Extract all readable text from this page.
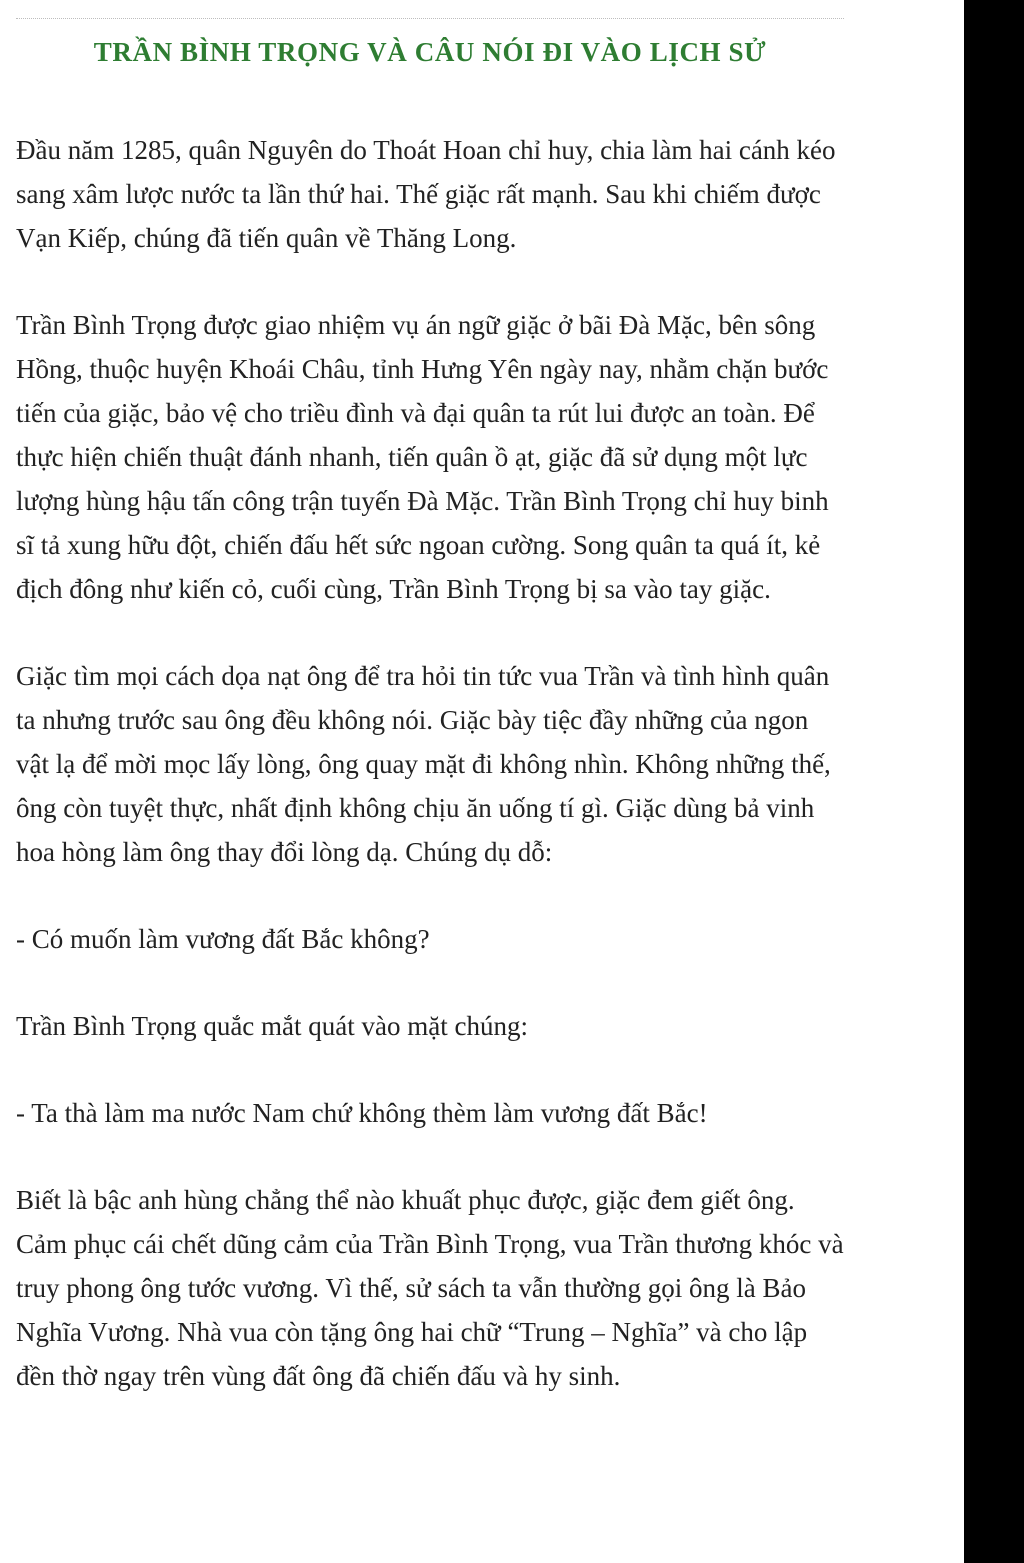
TRẦN BÌNH TRỌNG VÀ CÂU NÓI ĐI VÀO LỊCH SỬ

Đầu năm 1285, quân Nguyên do Thoát Hoan chỉ huy, chia làm hai cánh kéo sang xâm lược nước ta lần thứ hai. Thế giặc rất mạnh. Sau khi chiếm được Vạn Kiếp, chúng đã tiến quân về Thăng Long.

Trần Bình Trọng được giao nhiệm vụ án ngữ giặc ở bãi Đà Mặc, bên sông Hồng, thuộc huyện Khoái Châu, tỉnh Hưng Yên ngày nay, nhằm chặn bước tiến của giặc, bảo vệ cho triều đình và đại quân ta rút lui được an toàn. Để thực hiện chiến thuật đánh nhanh, tiến quân ồ ạt, giặc đã sử dụng một lực lượng hùng hậu tấn công trận tuyến Đà Mặc. Trần Bình Trọng chỉ huy binh sĩ tả xung hữu đột, chiến đấu hết sức ngoan cường. Song quân ta quá ít, kẻ địch đông như kiến cỏ, cuối cùng, Trần Bình Trọng bị sa vào tay giặc.

Giặc tìm mọi cách dọa nạt ông để tra hỏi tin tức vua Trần và tình hình quân ta nhưng trước sau ông đều không nói. Giặc bày tiệc đầy những của ngon vật lạ để mời mọc lấy lòng, ông quay mặt đi không nhìn. Không những thế, ông còn tuyệt thực, nhất định không chịu ăn uống tí gì. Giặc dùng bả vinh hoa hòng làm ông thay đổi lòng dạ. Chúng dụ dỗ:

- Có muốn làm vương đất Bắc không?

Trần Bình Trọng quắc mắt quát vào mặt chúng:

- Ta thà làm ma nước Nam chứ không thèm làm vương đất Bắc!

Biết là bậc anh hùng chẳng thể nào khuất phục được, giặc đem giết ông. Cảm phục cái chết dũng cảm của Trần Bình Trọng, vua Trần thương khóc và truy phong ông tước vương. Vì thế, sử sách ta vẫn thường gọi ông là Bảo Nghĩa Vương. Nhà vua còn tặng ông hai chữ “Trung – Nghĩa” và cho lập đền thờ ngay trên vùng đất ông đã chiến đấu và hy sinh.
